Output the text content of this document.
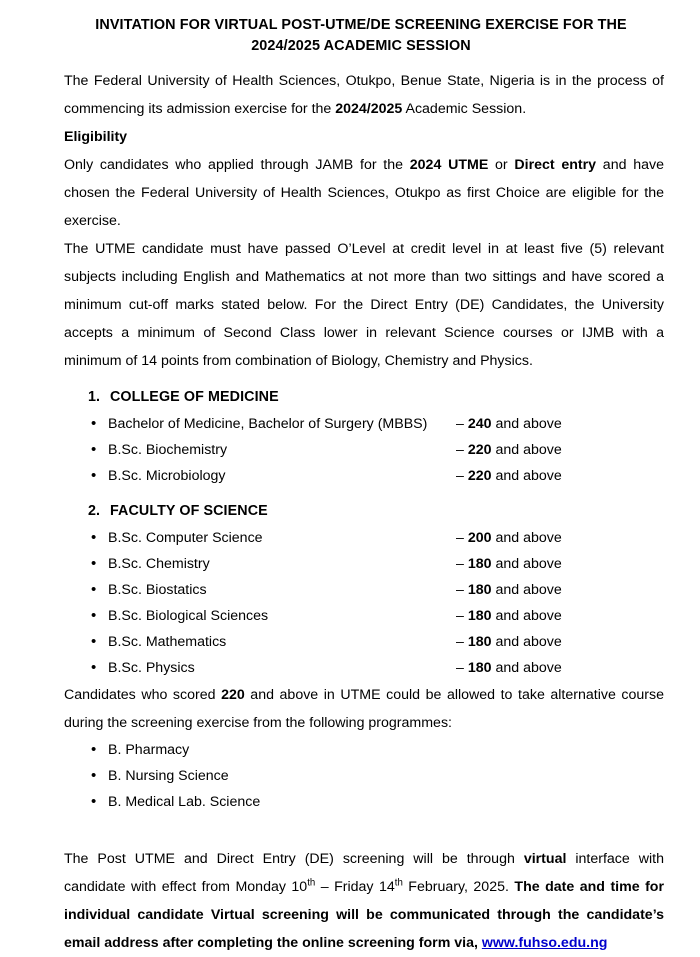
INVITATION FOR VIRTUAL POST-UTME/DE SCREENING EXERCISE FOR THE
2024/2025 ACADEMIC SESSION

The Federal University of Health Sciences, Otukpo, Benue State, Nigeria is in the process of commencing its admission exercise for the 2024/2025 Academic Session.

Eligibility

Only candidates who applied through JAMB for the 2024 UTME or Direct entry and have chosen the Federal University of Health Sciences, Otukpo as first Choice are eligible for the exercise.

The UTME candidate must have passed O’Level at credit level in at least five (5) relevant subjects including English and Mathematics at not more than two sittings and have scored a minimum cut-off marks stated below. For the Direct Entry (DE) Candidates, the University accepts a minimum of Second Class lower in relevant Science courses or IJMB with a minimum of 14 points from combination of Biology, Chemistry and Physics.

1. COLLEGE OF MEDICINE
• Bachelor of Medicine, Bachelor of Surgery (MBBS) – 240 and above
• B.Sc. Biochemistry	– 220 and above
• B.Sc. Microbiology	– 220 and above
2. FACULTY OF SCIENCE
• B.Sc. Computer Science	– 200 and above
• B.Sc. Chemistry	– 180 and above
• B.Sc. Biostatics	– 180 and above
• B.Sc. Biological Sciences	– 180 and above
• B.Sc. Mathematics	– 180 and above
• B.Sc. Physics	– 180 and above

Candidates who scored 220 and above in UTME could be allowed to take alternative course during the screening exercise from the following programmes:

• B. Pharmacy
• B. Nursing Science
• B. Medical Lab. Science

The Post UTME and Direct Entry (DE) screening will be through virtual interface with candidate with effect from Monday 10th – Friday 14th February, 2025. The date and time for individual candidate Virtual screening will be communicated through the candidate’s email address after completing the online screening form via, www.fuhso.edu.ng
